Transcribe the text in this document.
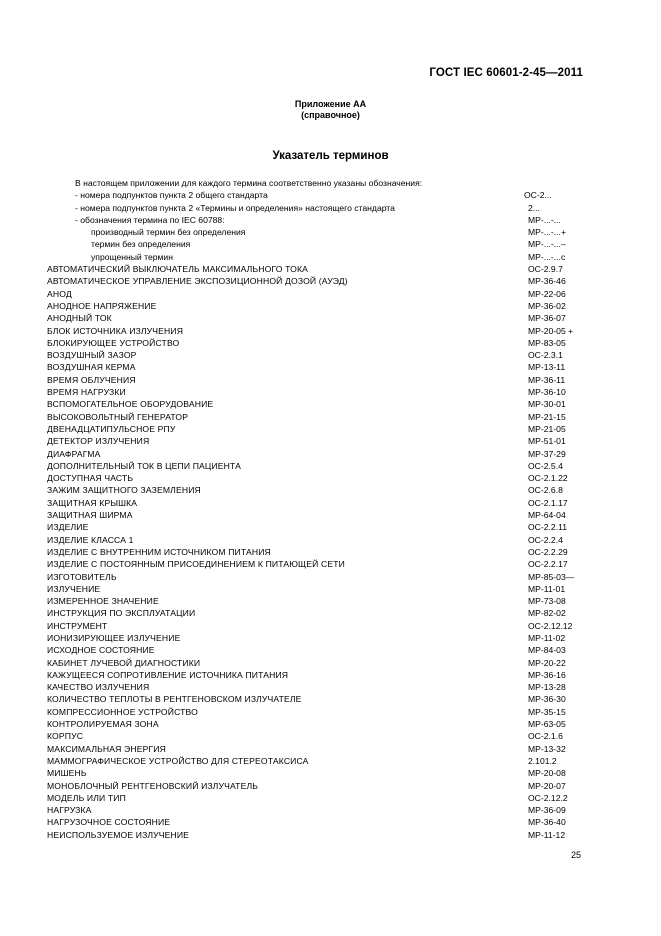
ГОСТ IEC 60601-2-45—2011
Приложение АА
(справочное)
Указатель терминов
В настоящем приложении для каждого термина соответственно указаны обозначения:
- номера подпунктов пункта 2 общего стандарта	ОС-2...
- номера подпунктов пункта 2 «Термины и определения» настоящего стандарта	2...
- обозначения термина по IEC 60788:	МР-...-...
производный термин без определения	МР-...-...+
термин без определения	МР-...-...–
упрощенный термин	МР-...-...с
АВТОМАТИЧЕСКИЙ ВЫКЛЮЧАТЕЛЬ МАКСИМАЛЬНОГО ТОКА	ОС-2.9.7
АВТОМАТИЧЕСКОЕ УПРАВЛЕНИЕ ЭКСПОЗИЦИОННОЙ ДОЗОЙ (АУЭД)	МР-36-46
АНОД	МР-22-06
АНОДНОЕ НАПРЯЖЕНИЕ	МР-36-02
АНОДНЫЙ ТОК	МР-36-07
БЛОК ИСТОЧНИКА ИЗЛУЧЕНИЯ	МР-20-05 +
БЛОКИРУЮЩЕЕ УСТРОЙСТВО	МР-83-05
ВОЗДУШНЫЙ ЗАЗОР	ОС-2.3.1
ВОЗДУШНАЯ КЕРМА	МР-13-11
ВРЕМЯ ОБЛУЧЕНИЯ	МР-36-11
ВРЕМЯ НАГРУЗКИ	МР-36-10
ВСПОМОГАТЕЛЬНОЕ ОБОРУДОВАНИЕ	МР-30-01
ВЫСОКОВОЛЬТНЫЙ ГЕНЕРАТОР	МР-21-15
ДВЕНАДЦАТИПУЛЬСНОЕ РПУ	МР-21-05
ДЕТЕКТОР ИЗЛУЧЕНИЯ	МР-51-01
ДИАФРАГМА	МР-37-29
ДОПОЛНИТЕЛЬНЫЙ ТОК В ЦЕПИ ПАЦИЕНТА	ОС-2.5.4
ДОСТУПНАЯ ЧАСТЬ	ОС-2.1.22
ЗАЖИМ ЗАЩИТНОГО ЗАЗЕМЛЕНИЯ	ОС-2.6.8
ЗАЩИТНАЯ КРЫШКА	ОС-2.1.17
ЗАЩИТНАЯ ШИРМА	МР-64-04
ИЗДЕЛИЕ	ОС-2.2.11
ИЗДЕЛИЕ КЛАССА 1	ОС-2.2.4
ИЗДЕЛИЕ С ВНУТРЕННИМ ИСТОЧНИКОМ ПИТАНИЯ	ОС-2.2.29
ИЗДЕЛИЕ С ПОСТОЯННЫМ ПРИСОЕДИНЕНИЕМ К ПИТАЮЩЕЙ СЕТИ	ОС-2.2.17
ИЗГОТОВИТЕЛЬ	МР-85-03—
ИЗЛУЧЕНИЕ	МР-11-01
ИЗМЕРЕННОЕ ЗНАЧЕНИЕ	МР-73-08
ИНСТРУКЦИЯ ПО ЭКСПЛУАТАЦИИ	МР-82-02
ИНСТРУМЕНТ	ОС-2.12.12
ИОНИЗИРУЮЩЕЕ ИЗЛУЧЕНИЕ	МР-11-02
ИСХОДНОЕ СОСТОЯНИЕ	МР-84-03
КАБИНЕТ ЛУЧЕВОЙ ДИАГНОСТИКИ	МР-20-22
КАЖУЩЕЕСЯ СОПРОТИВЛЕНИЕ ИСТОЧНИКА ПИТАНИЯ	МР-36-16
КАЧЕСТВО ИЗЛУЧЕНИЯ	МР-13-28
КОЛИЧЕСТВО ТЕПЛОТЫ В РЕНТГЕНОВСКОМ ИЗЛУЧАТЕЛЕ	МР-36-30
КОМПРЕССИОННОЕ УСТРОЙСТВО	МР-35-15
КОНТРОЛИРУЕМАЯ ЗОНА	МР-63-05
КОРПУС	ОС-2.1.6
МАКСИМАЛЬНАЯ ЭНЕРГИЯ	МР-13-32
МАММОГРАФИЧЕСКОЕ УСТРОЙСТВО ДЛЯ СТЕРЕОТАКСИСА	2.101.2
МИШЕНЬ	МР-20-08
МОНОБЛОЧНЫЙ РЕНТГЕНОВСКИЙ ИЗЛУЧАТЕЛЬ	МР-20-07
МОДЕЛЬ ИЛИ ТИП	ОС-2.12.2
НАГРУЗКА	МР-36-09
НАГРУЗОЧНОЕ СОСТОЯНИЕ	МР-36-40
НЕИСПОЛЬЗУЕМОЕ ИЗЛУЧЕНИЕ	МР-11-12
25
